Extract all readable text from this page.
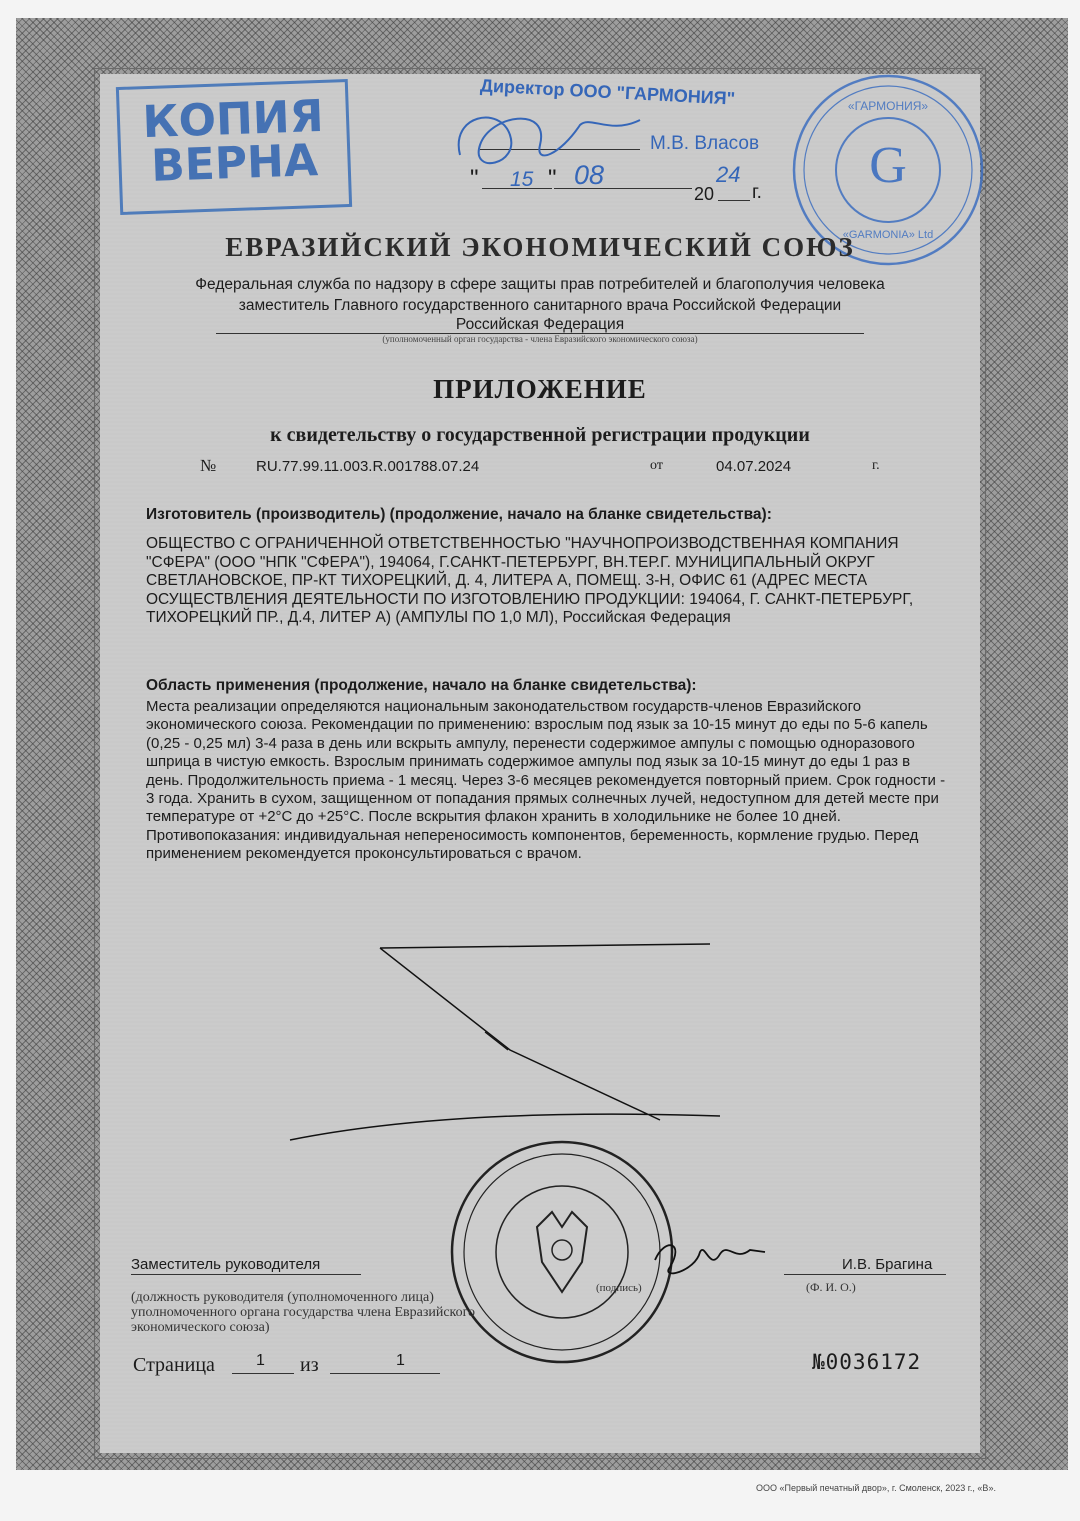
КОПИЯ
ВЕРНА
Директор ООО "ГАРМОНИЯ"
М.В. Власов
" 15 " 08
20
24
г. G
«ГАРМОНИЯ»
«GARMONIA» Ltd
ЕВРАЗИЙСКИЙ ЭКОНОМИЧЕСКИЙ СОЮЗ
Федеральная служба по надзору в сфере защиты прав потребителей и благополучия человека
заместитель Главного государственного санитарного врача Российской Федерации
Российская Федерация
(уполномоченный орган государства - члена Евразийского экономического союза)
ПРИЛОЖЕНИЕ
к свидетельству о государственной регистрации продукции
№	RU.77.99.11.003.R.001788.07.24	от	04.07.2024	г.
Изготовитель (производитель) (продолжение, начало на бланке свидетельства):
ОБЩЕСТВО С ОГРАНИЧЕННОЙ ОТВЕТСТВЕННОСТЬЮ "НАУЧНОПРОИЗВОДСТВЕННАЯ КОМПАНИЯ "СФЕРА" (ООО "НПК "СФЕРА"), 194064, Г.САНКТ-ПЕТЕРБУРГ, ВН.ТЕР.Г. МУНИЦИПАЛЬНЫЙ ОКРУГ СВЕТЛАНОВСКОЕ, ПР-КТ ТИХОРЕЦКИЙ, Д. 4, ЛИТЕРА А, ПОМЕЩ. 3-Н, ОФИС 61 (АДРЕС МЕСТА ОСУЩЕСТВЛЕНИЯ ДЕЯТЕЛЬНОСТИ ПО ИЗГОТОВЛЕНИЮ ПРОДУКЦИИ: 194064, Г. САНКТ-ПЕТЕРБУРГ, ТИХОРЕЦКИЙ ПР., Д.4, ЛИТЕР А) (АМПУЛЫ ПО 1,0 МЛ), Российская Федерация
Область применения (продолжение, начало на бланке свидетельства):
Места реализации определяются национальным законодательством государств-членов Евразийского экономического союза. Рекомендации по применению: взрослым под язык за 10-15 минут до еды по 5-6 капель (0,25 - 0,25 мл) 3-4 раза в день или вскрыть ампулу, перенести содержимое ампулы с помощью одноразового шприца в чистую емкость. Взрослым принимать содержимое ампулы под язык за 10-15 минут до еды 1 раз в день. Продолжительность приема - 1 месяц. Через 3-6 месяцев рекомендуется повторный прием. Срок годности - 3 года. Хранить в сухом, защищенном от попадания прямых солнечных лучей, недоступном для детей месте при температуре от +2°C до +25°C. После вскрытия флакон хранить в холодильнике не более 10 дней. Противопоказания: индивидуальная непереносимость компонентов, беременность, кормление грудью. Перед применением рекомендуется проконсультироваться с врачом.
Заместитель руководителя
(должность руководителя (уполномоченного лица) уполномоченного органа государства члена Евразийского экономического союза)
(подпись)
И.В. Брагина
(Ф. И. О.)
Страница	1 из	1	№0036172
ООО «Первый печатный двор», г. Смоленск, 2023 г., «В».
